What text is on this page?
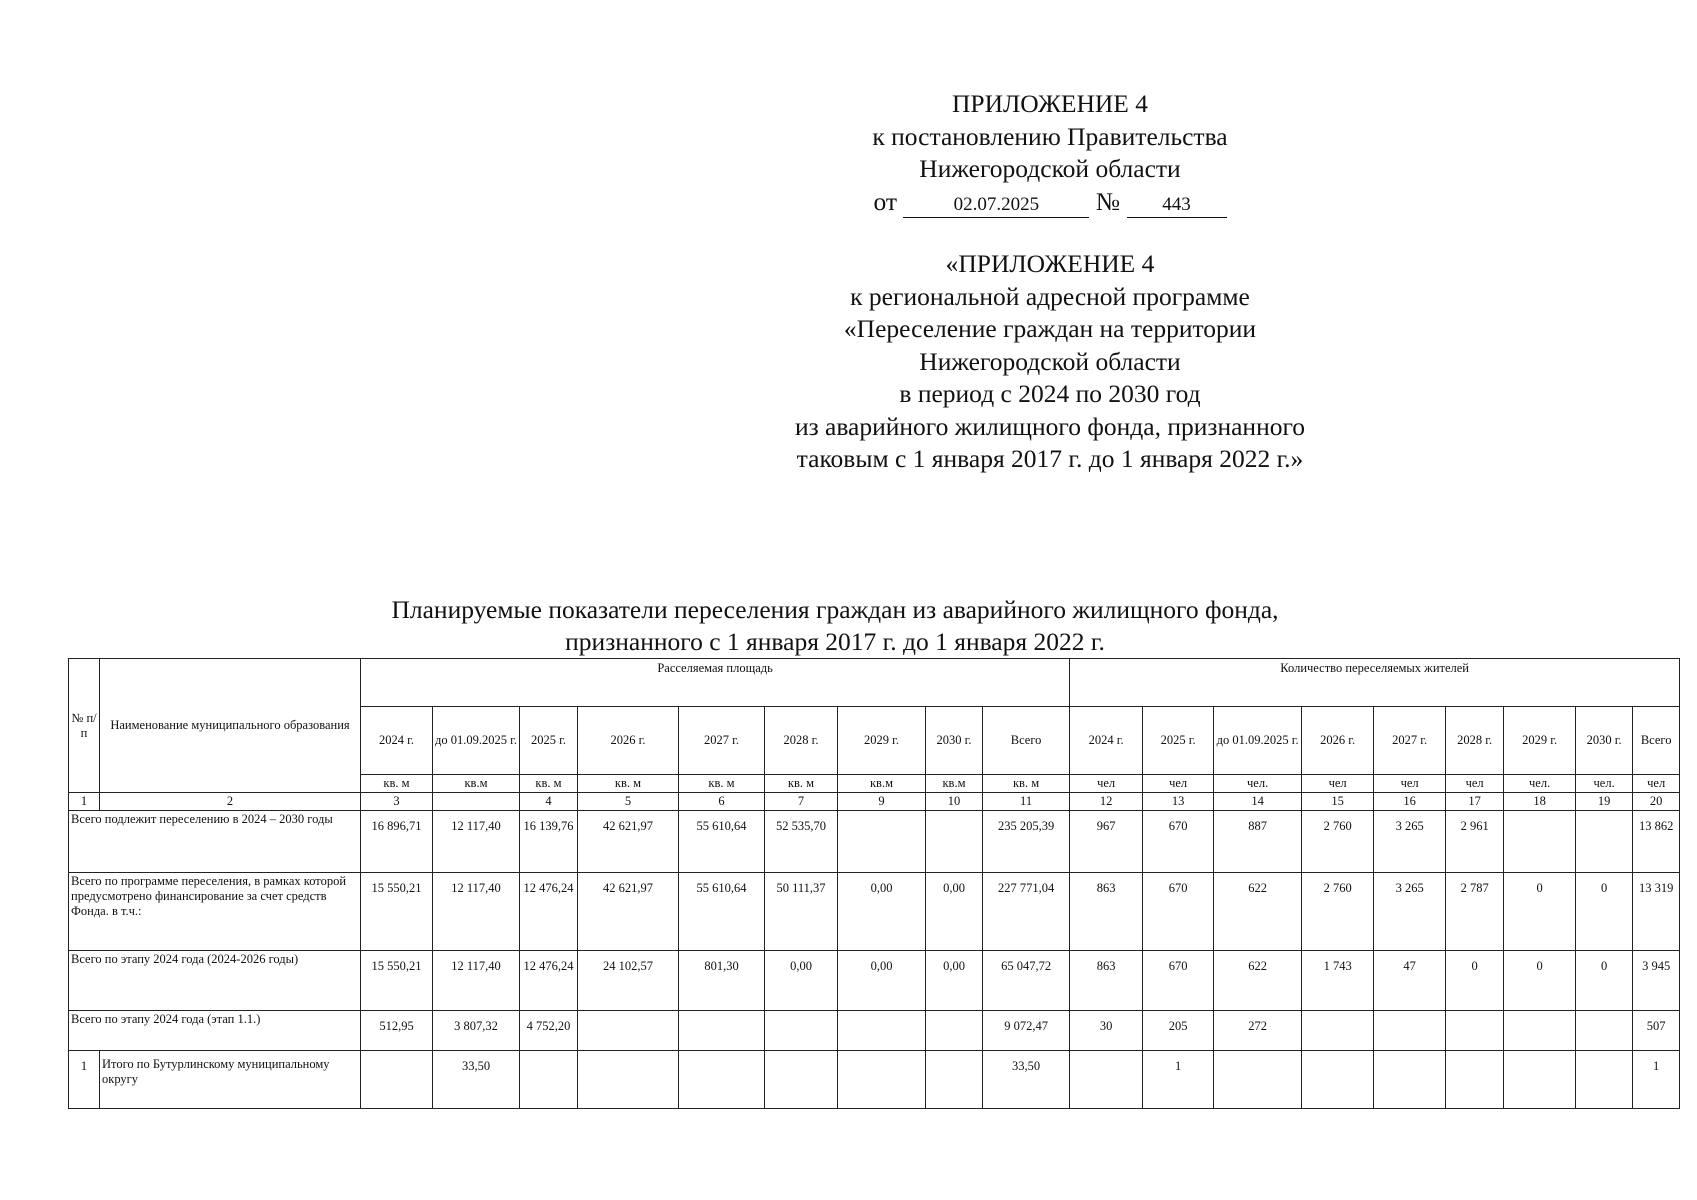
ПРИЛОЖЕНИЕ 4
к постановлению Правительства
Нижегородской области
от	02.07.2025 № 443
«ПРИЛОЖЕНИЕ 4
к региональной адресной программе
«Переселение граждан на территории
Нижегородской области
в период с 2024 по 2030 год
из аварийного жилищного фонда, признанного
таковым с 1 января 2017 г. до 1 января 2022 г.»
Планируемые показатели переселения граждан из аварийного жилищного фонда,
признанного с 1 января 2017 г. до 1 января 2022 г.
№ п/п	Наименование муниципального образования	Расселяемая площадь									Количество переселяемых жителей								
		2024 г.	до 01.09.2025 г.	2025 г.	2026 г.	2027 г.	2028 г.	2029 г.	2030 г.	Всего	2024 г.	2025 г.	до 01.09.2025 г.	2026 г.	2027 г.	2028 г.	2029 г.	2030 г.	Всего
		кв. м	кв.м	кв. м	кв. м	кв. м	кв. м	кв.м	кв.м	кв. м	чел	чел	чел.	чел	чел	чел	чел.	чел.	чел
1	2	3		4	5	6	7	9	10	11	12	13	14	15	16	17	18	19	20
Всего подлежит переселению в 2024 – 2030 годы		16 896,71	12 117,40	16 139,76	42 621,97	55 610,64	52 535,70			235 205,39	967	670	887	2 760	3 265	2 961			13 862
Всего по программе переселения, в рамках которой предусмотрено финансирование за счет средств Фонда. в т.ч.:		15 550,21	12 117,40	12 476,24	42 621,97	55 610,64	50 111,37	0,00	0,00	227 771,04	863	670	622	2 760	3 265	2 787	0	0	13 319
Всего по этапу 2024 года (2024-2026 годы)		15 550,21	12 117,40	12 476,24	24 102,57	801,30	0,00	0,00	0,00	65 047,72	863	670	622	1 743	47	0	0	0	3 945
Всего по этапу 2024 года (этап 1.1.)		512,95	3 807,32	4 752,20						9 072,47	30	205	272						507
1	Итого по Бутурлинскому муниципальному округу		33,50							33,50		1							1
